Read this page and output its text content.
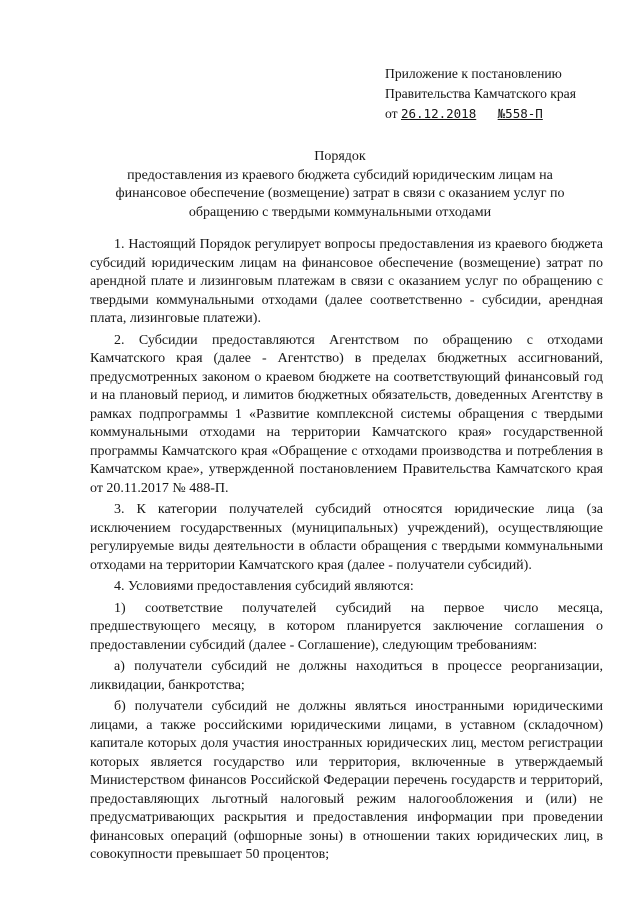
Приложение к постановлению
Правительства Камчатского края
от 26.12.2018 №558-П
Порядок
предоставления из краевого бюджета субсидий юридическим лицам на финансовое обеспечение (возмещение) затрат в связи с оказанием услуг по обращению с твердыми коммунальными отходами

1. Настоящий Порядок регулирует вопросы предоставления из краевого бюджета субсидий юридическим лицам на финансовое обеспечение (возмещение) затрат по арендной плате и лизинговым платежам в связи с оказанием услуг по обращению с твердыми коммунальными отходами (далее соответственно - субсидии, арендная плата, лизинговые платежи).

2. Субсидии предоставляются Агентством по обращению с отходами Камчатского края (далее - Агентство) в пределах бюджетных ассигнований, предусмотренных законом о краевом бюджете на соответствующий финансовый год и на плановый период, и лимитов бюджетных обязательств, доведенных Агентству в рамках подпрограммы 1 «Развитие комплексной системы обращения с твердыми коммунальными отходами на территории Камчатского края» государственной программы Камчатского края «Обращение с отходами производства и потребления в Камчатском крае», утвержденной постановлением Правительства Камчатского края от 20.11.2017 № 488-П.

3. К категории получателей субсидий относятся юридические лица (за исключением государственных (муниципальных) учреждений), осуществляющие регулируемые виды деятельности в области обращения с твердыми коммунальными отходами на территории Камчатского края (далее - получатели субсидий).

4. Условиями предоставления субсидий являются:

1) соответствие получателей субсидий на первое число месяца, предшествующего месяцу, в котором планируется заключение соглашения о предоставлении субсидий (далее - Соглашение), следующим требованиям:

а) получатели субсидий не должны находиться в процессе реорганизации, ликвидации, банкротства;

б) получатели субсидий не должны являться иностранными юридическими лицами, а также российскими юридическими лицами, в уставном (складочном) капитале которых доля участия иностранных юридических лиц, местом регистрации которых является государство или территория, включенные в утверждаемый Министерством финансов Российской Федерации перечень государств и территорий, предоставляющих льготный налоговый режим налогообложения и (или) не предусматривающих раскрытия и предоставления информации при проведении финансовых операций (офшорные зоны) в отношении таких юридических лиц, в совокупности превышает 50 процентов;
